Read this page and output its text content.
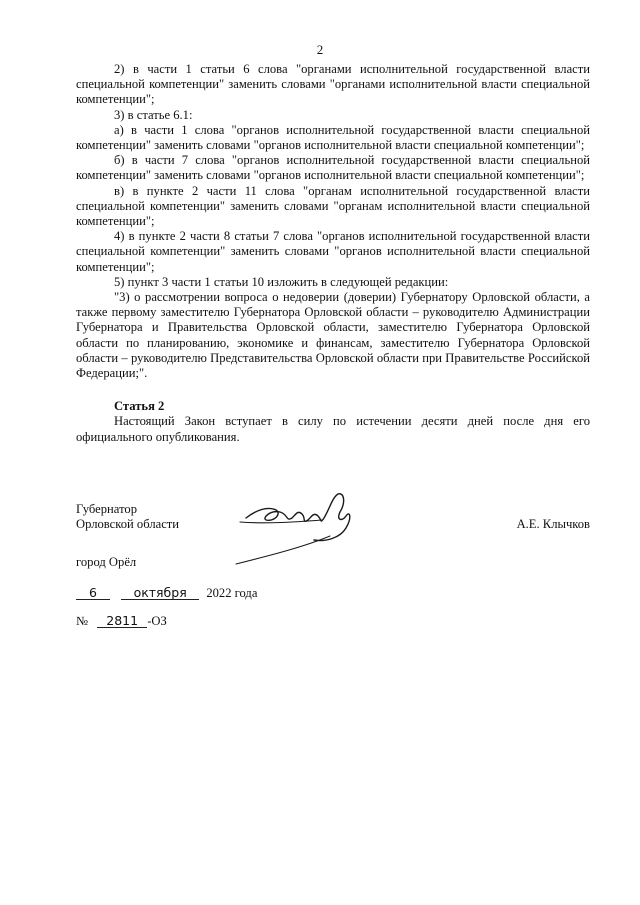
2

2) в части 1 статьи 6 слова "органами исполнительной государственной власти специальной компетенции" заменить словами "органами исполнительной власти специальной компетенции";

3) в статье 6.1:

а) в части 1 слова "органов исполнительной государственной власти специальной компетенции" заменить словами "органов исполнительной власти специальной компетенции";

б) в части 7 слова "органов исполнительной государственной власти специальной компетенции" заменить словами "органов исполнительной власти специальной компетенции";

в) в пункте 2 части 11 слова "органам исполнительной государственной власти специальной компетенции" заменить словами "органам исполнительной власти специальной компетенции";

4) в пункте 2 части 8 статьи 7 слова "органов исполнительной государственной власти специальной компетенции" заменить словами "органов исполнительной власти специальной компетенции";

5) пункт 3 части 1 статьи 10 изложить в следующей редакции:

"3) о рассмотрении вопроса о недоверии (доверии) Губернатору Орловской области, а также первому заместителю Губернатора Орловской области – руководителю Администрации Губернатора и Правительства Орловской области, заместителю Губернатора Орловской области по планированию, экономике и финансам, заместителю Губернатора Орловской области – руководителю Представительства Орловской области при Правительстве Российской Федерации;".

Статья 2

Настоящий Закон вступает в силу по истечении десяти дней после дня его официального опубликования.

Губернатор
Орловской области	А.Е. Клычков
город Орёл
6	октября 2022 года
№ 2811 -ОЗ
